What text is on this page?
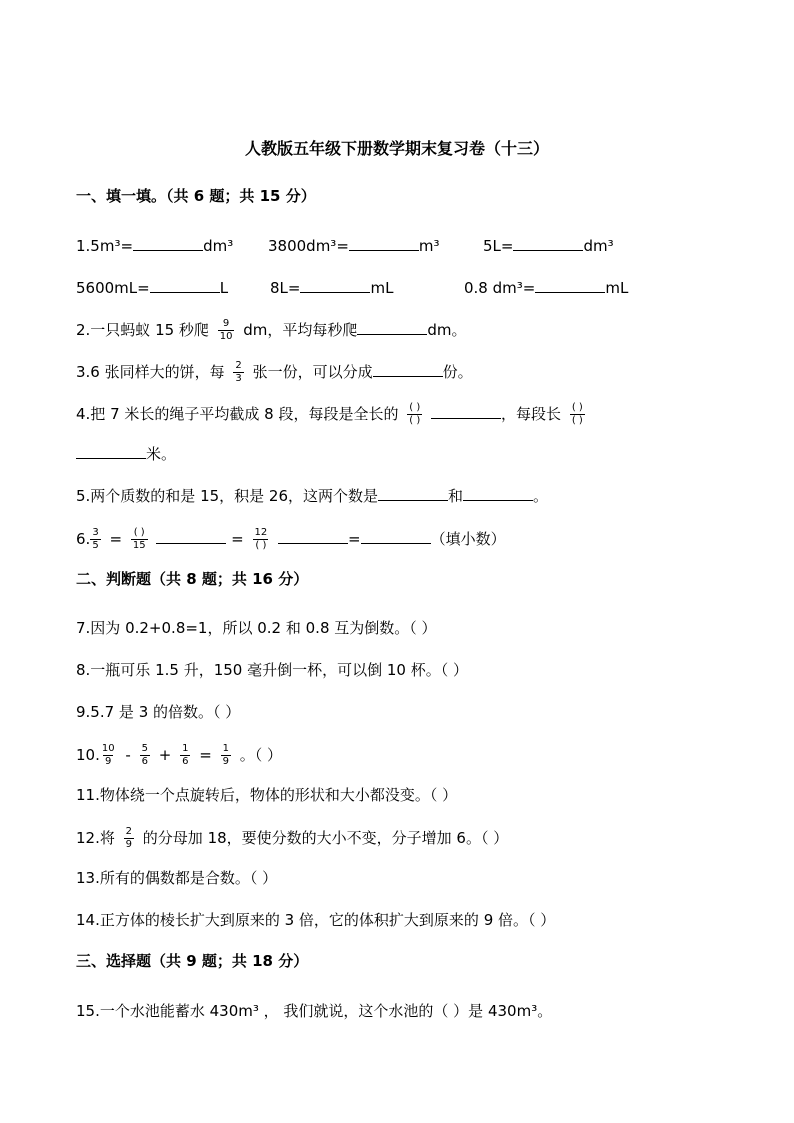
人教版五年级下册数学期末复习卷（十三）
一、填一填。（共 6 题；共 15 分）
1.5m³=	dm³ 3800dm³=	m³	5L=	dm³
5600mL=	L	8L=	mL	0.8 dm³=	mL
2.一只蚂蚁 15 秒爬 $\frac{9}{10}$ dm，平均每秒爬	dm。
3.6 张同样大的饼，每 $\frac{2}{3}$ 张一份，可以分成	份。
4.把 7 米长的绳子平均截成 8 段，每段是全长的 $\frac{( )}{( )}$	，每段长 $\frac{( )}{( )}$
米。
5.两个质数的和是 15，积是 26，这两个数是	和	。
6. $\frac{3}{5} = \frac{( )}{15}$	= $\frac{12}{( )}$	=	（填小数）
二、判断题（共 8 题；共 16 分）
7.因为 0.2+0.8=1，所以 0.2 和 0.8 互为倒数。（ ）
8.一瓶可乐 1.5 升，150 毫升倒一杯，可以倒 10 杯。（ ）
9.5.7 是 3 的倍数。（ ）
10. $\frac{10}{9} - \frac{5}{6} + \frac{1}{6} = \frac{1}{9}$ 。（ ）
11.物体绕一个点旋转后，物体的形状和大小都没变。（ ）
12.将 $\frac{2}{9}$ 的分母加 18，要使分数的大小不变，分子增加 6。（ ）
13.所有的偶数都是合数。（ ）
14.正方体的棱长扩大到原来的 3 倍，它的体积扩大到原来的 9 倍。（ ）
三、选择题（共 9 题；共 18 分）
15.一个水池能蓄水 430m³ ， 我们就说，这个水池的（ ）是 430m³。
